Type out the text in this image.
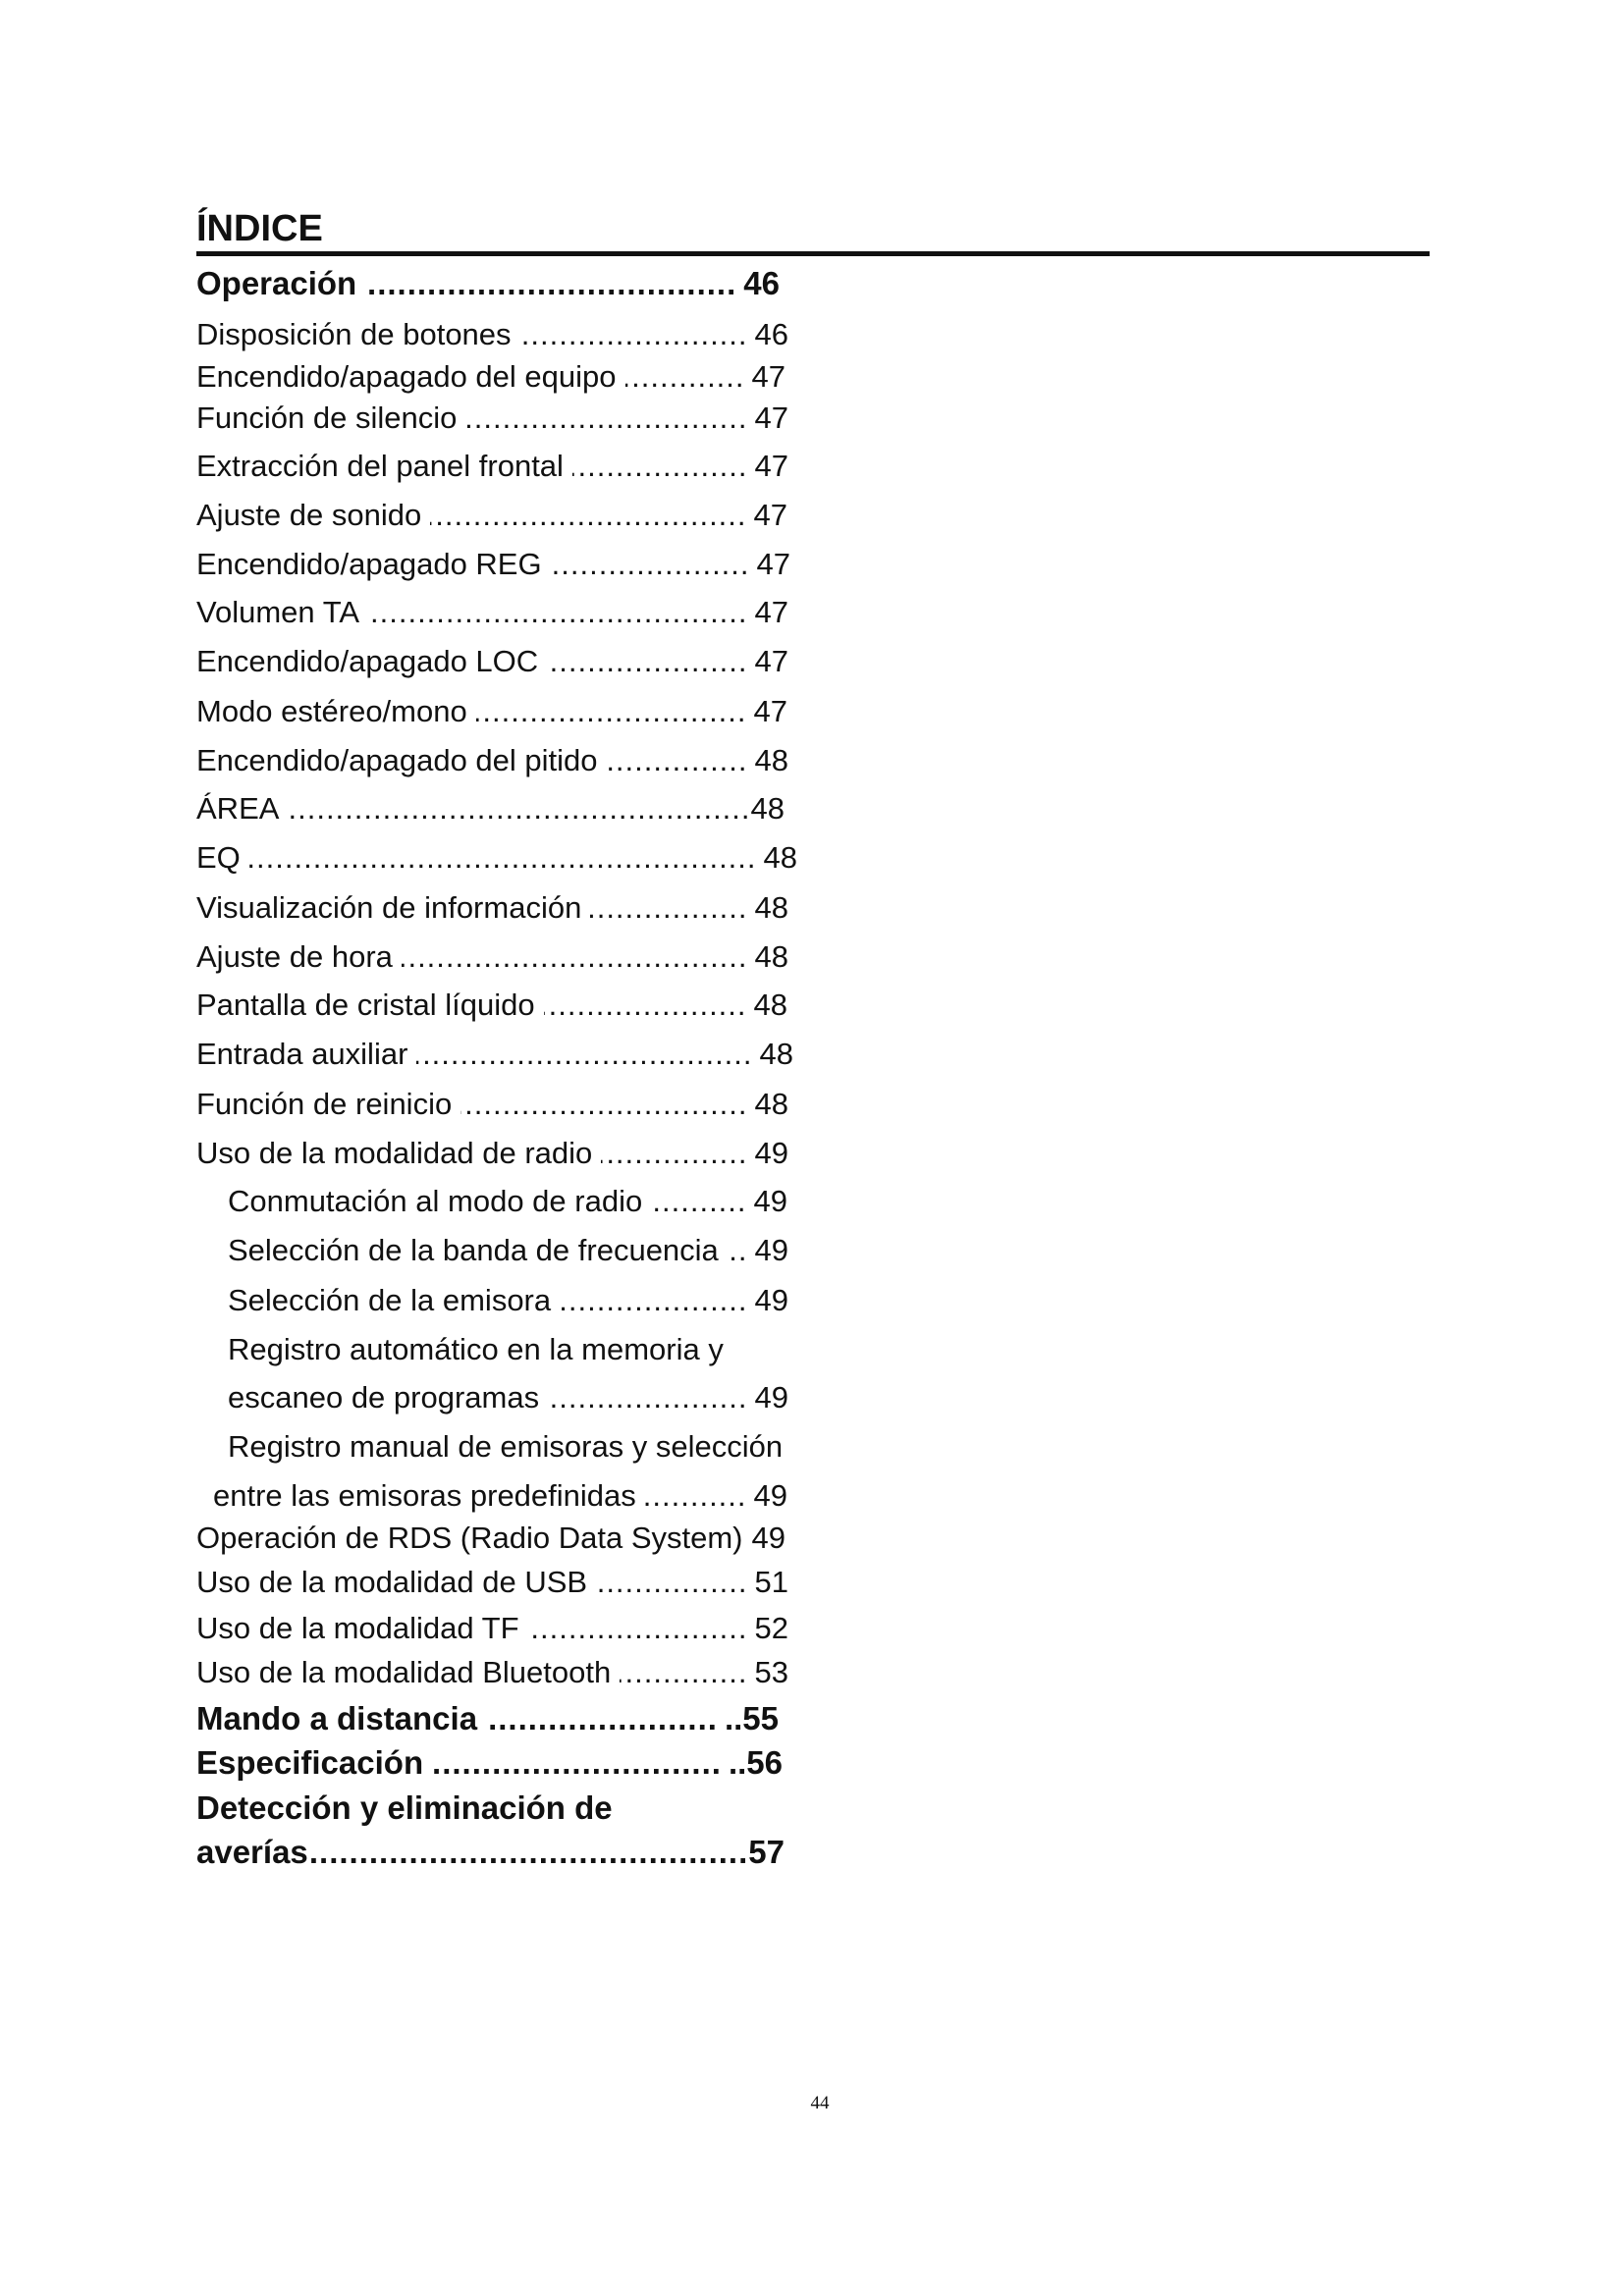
ÍNDICE
Operación .....	46
Disposición de botones .....	46
Encendido/apagado del equipo .....	47
Función de silencio .....	47
Extracción del panel frontal .....	47
Ajuste de sonido .....	47
Encendido/apagado REG .....	47
Volumen TA .....	47
Encendido/apagado LOC .....	47
Modo estéreo/mono .....	47
Encendido/apagado del pitido .....	48
ÁREA .....	48
EQ .....	48
Visualización de información .....	48
Ajuste de hora .....	48
Pantalla de cristal líquido .....	48
Entrada auxiliar .....	48
Función de reinicio .....	48
Uso de la modalidad de radio .....	49
Conmutación al modo de radio .....	49
Selección de la banda de frecuencia ..... 49
Selección de la emisora .....	49
Registro automático en la memoria y
escaneo de programas .....	49
Registro manual de emisoras y selección
entre las emisoras predefinidas .....	49
Operación de RDS (Radio Data System) 49
Uso de la modalidad de USB .....	51
Uso de la modalidad TF .....	52
Uso de la modalidad Bluetooth .....	53
Mando a distancia .....	..55
Especificación .....	..56
Detección y eliminación de
averías .....	57
44
